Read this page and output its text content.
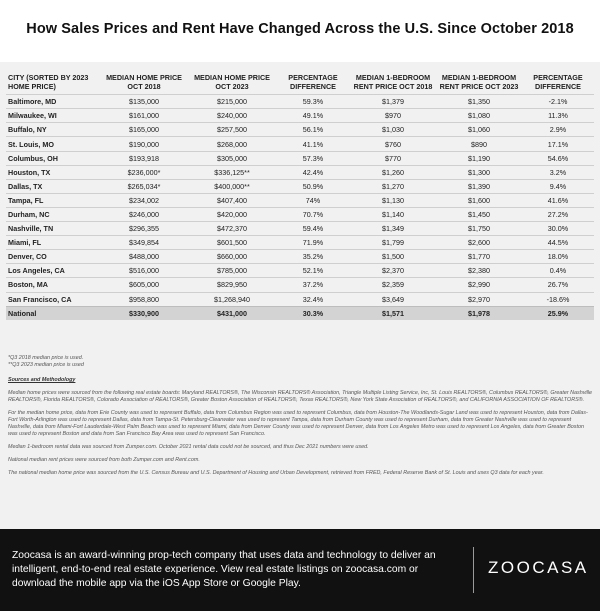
How Sales Prices and Rent Have Changed Across the U.S. Since October 2018
CITY (SORTED BY 2023 HOME PRICE)	MEDIAN HOME PRICE OCT 2018	MEDIAN HOME PRICE OCT 2023	PERCENTAGE DIFFERENCE	MEDIAN 1-BEDROOM RENT PRICE OCT 2018	MEDIAN 1-BEDROOM RENT PRICE OCT 2023	PERCENTAGE DIFFERENCE
Baltimore, MD	$135,000	$215,000	59.3%	$1,379	$1,350	-2.1%
Milwaukee, WI	$161,000	$240,000	49.1%	$970	$1,080	11.3%
Buffalo, NY	$165,000	$257,500	56.1%	$1,030	$1,060	2.9%
St. Louis, MO	$190,000	$268,000	41.1%	$760	$890	17.1%
Columbus, OH	$193,918	$305,000	57.3%	$770	$1,190	54.6%
Houston, TX	$236,000*	$336,125**	42.4%	$1,260	$1,300	3.2%
Dallas, TX	$265,034*	$400,000**	50.9%	$1,270	$1,390	9.4%
Tampa, FL	$234,002	$407,400	74%	$1,130	$1,600	41.6%
Durham, NC	$246,000	$420,000	70.7%	$1,140	$1,450	27.2%
Nashville, TN	$296,355	$472,370	59.4%	$1,349	$1,750	30.0%
Miami, FL	$349,854	$601,500	71.9%	$1,799	$2,600	44.5%
Denver, CO	$488,000	$660,000	35.2%	$1,500	$1,770	18.0%
Los Angeles, CA	$516,000	$785,000	52.1%	$2,370	$2,380	0.4%
Boston, MA	$605,000	$829,950	37.2%	$2,359	$2,990	26.7%
San Francisco, CA	$958,800	$1,268,940	32.4%	$3,649	$2,970	-18.6%
National	$330,900	$431,000	30.3%	$1,571	$1,978	25.9%
*Q3 2018 median price is used.
**Q3 2023 median price is used
Sources and Methodology

Median home prices were sourced from the following real estate boards: Maryland REALTORS®, The Wisconsin REALTORS® Association, Triangle Multiple Listing Service, Inc, St. Louis REALTORS®, Columbus REALTORS®, Greater Nashville REALTORS®, Florida REALTORS®, Colorado Association of REALTORS®, Greater Boston Association of REALTORS®, Texas REALTORS®, New York State Association of REALTORS®, and CALIFORNIA ASSOCIATION OF REALTORS®.

For the median home price, data from Erie County was used to represent Buffalo, data from Columbus Region was used to represent Columbus, data from Houston-The Woodlands-Sugar Land was used to represent Houston, data from Dallas-Fort Worth-Arlington was used to represent Dallas, data from Tampa-St. Petersburg-Clearwater was used to represent Tampa, data from Durham County was used to represent Durham, data from Greater Nashville was used to represent Nashville, data from Miami-Fort Lauderdale-West Palm Beach was used to represent Miami, data from Denver County was used to represent Denver, data from Los Angeles Metro was used to represent Los Angeles, data from Greater Boston was used to represent Boston and data from San Francisco Bay Area was used to represent San Francisco.

Median 1-bedroom rental data was sourced from Zumper.com. October 2021 rental data could not be sourced, and thus Dec 2021 numbers were used.

National median rent prices were sourced from both Zumper.com and Rent.com.

The national median home price was sourced from the U.S. Census Bureau and U.S. Department of Housing and Urban Development, retrieved from FRED, Federal Reserve Bank of St. Louis and uses Q3 data for each year.

Zoocasa is an award-winning prop-tech company that uses data and technology to deliver an intelligent, end-to-end real estate experience. View real estate listings on zoocasa.com or download the mobile app via the iOS App Store or Google Play.
ZOOCASA
